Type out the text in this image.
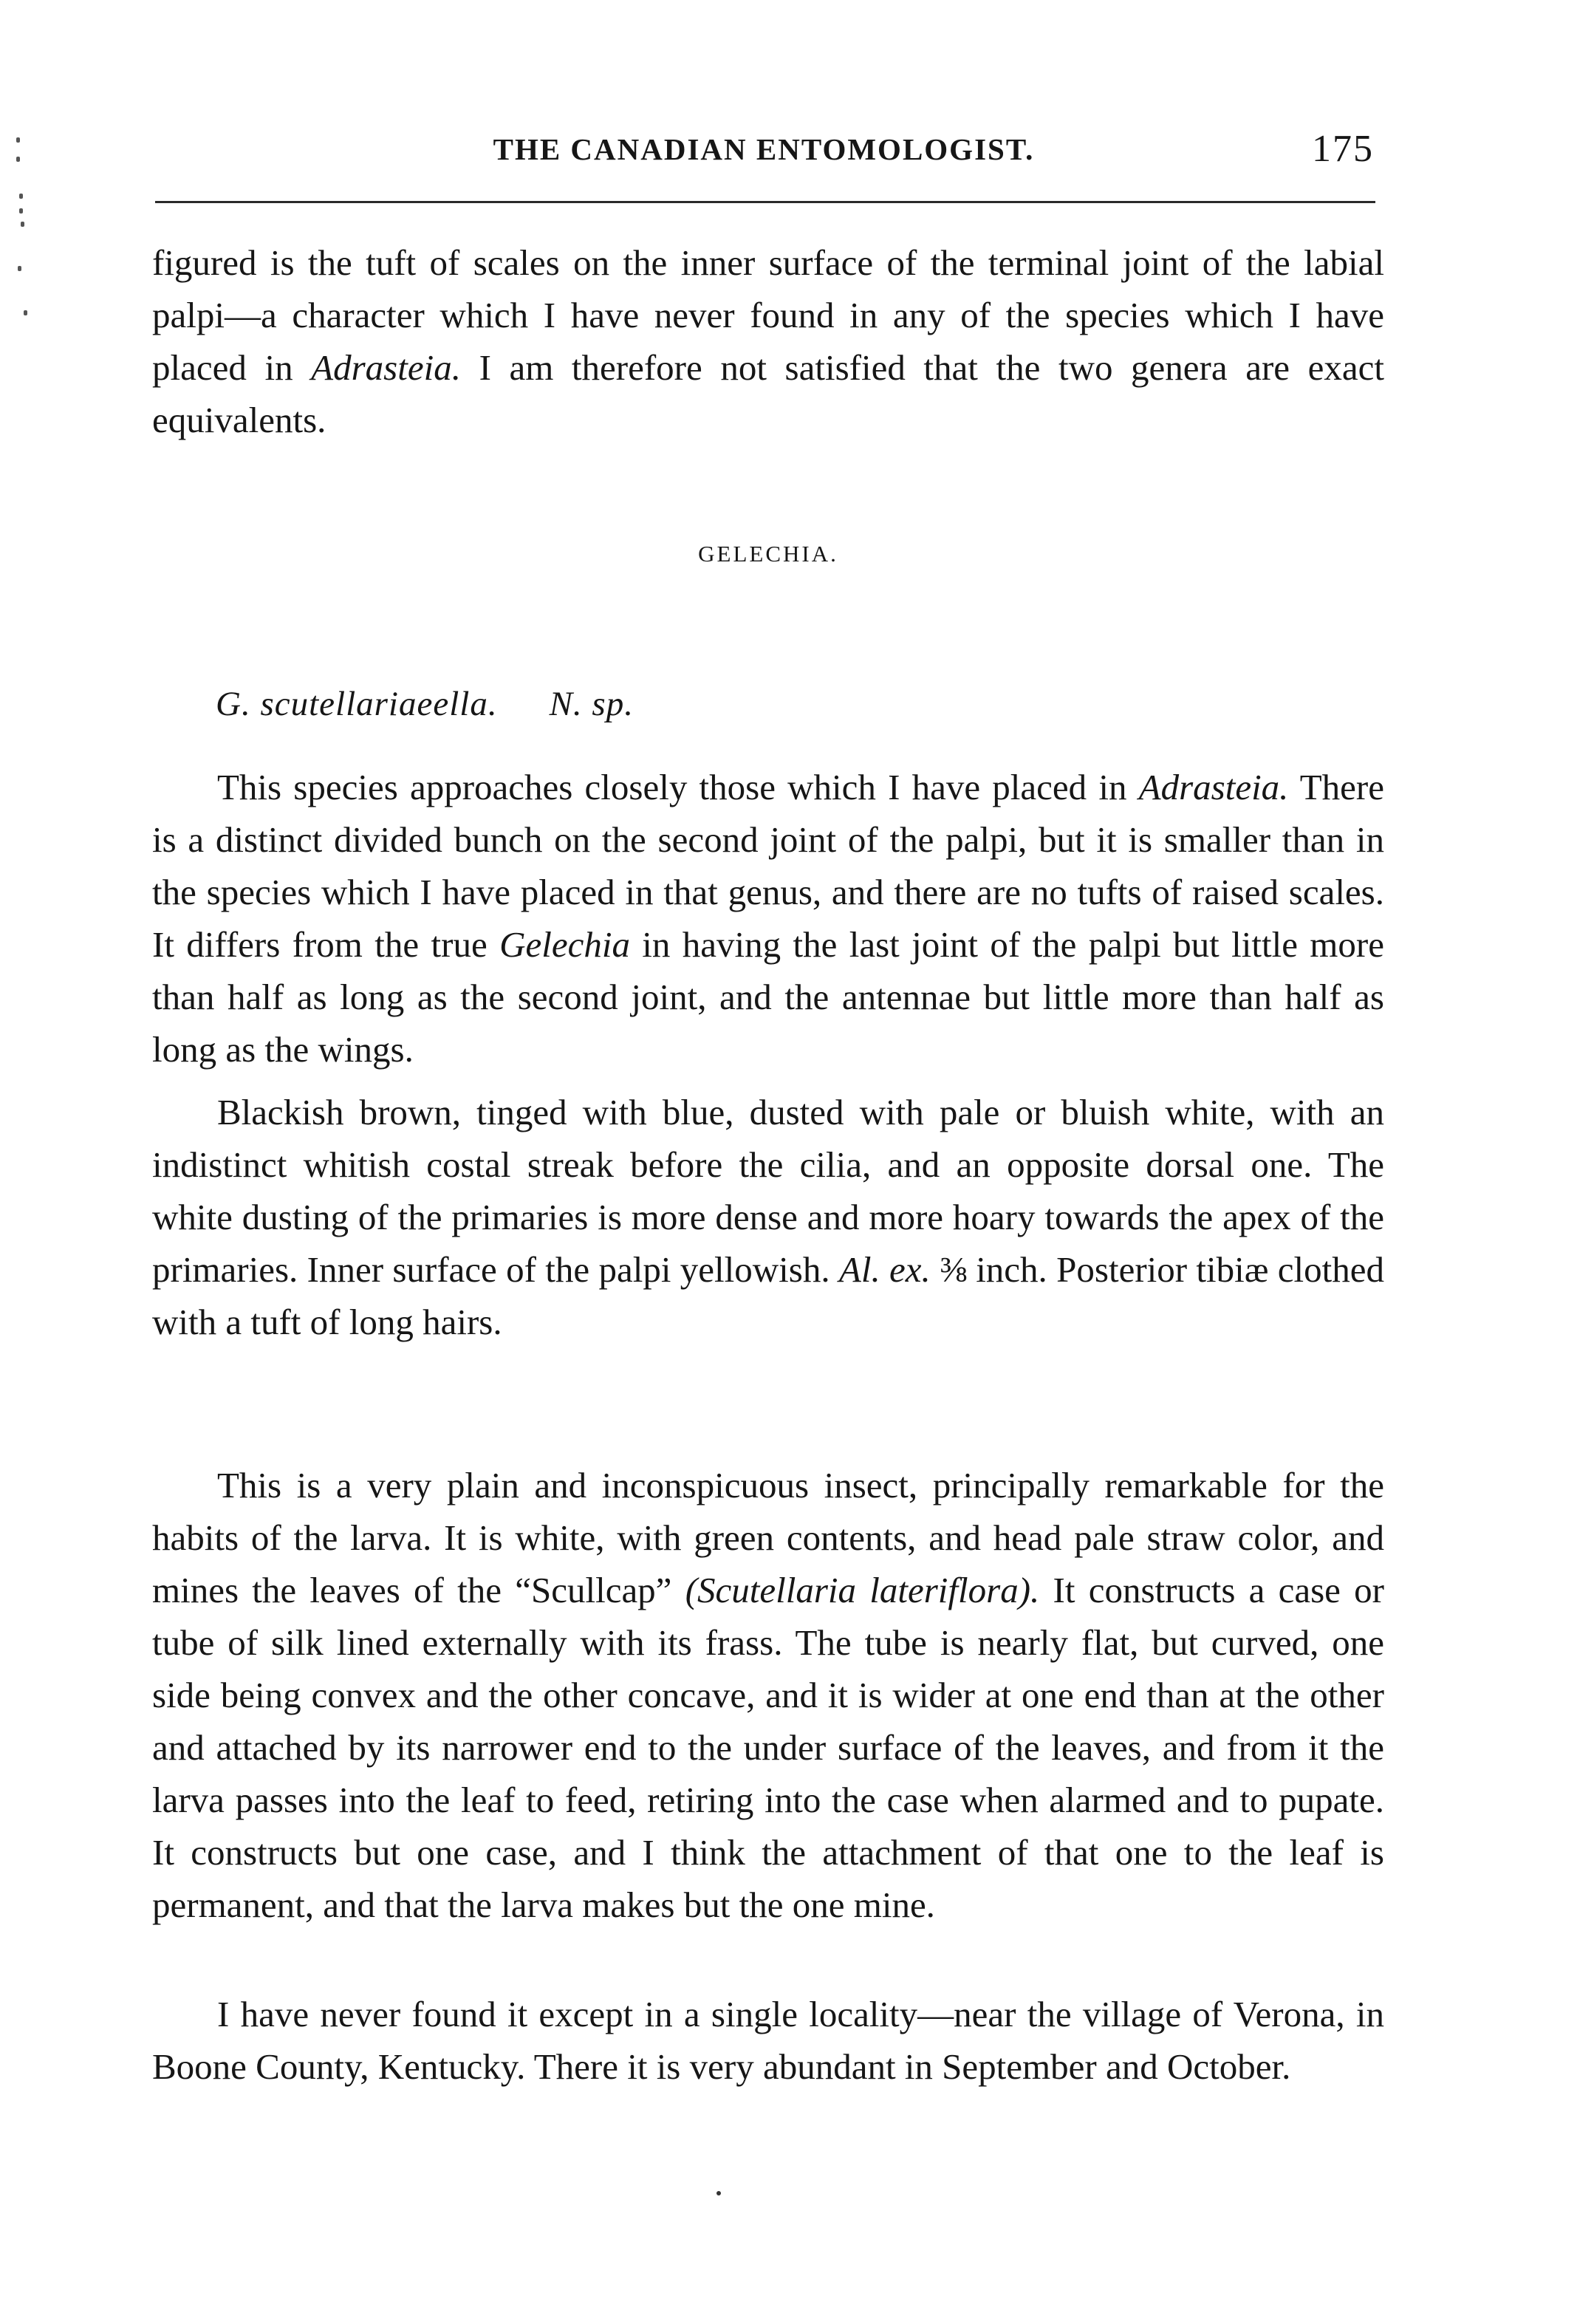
THE CANADIAN ENTOMOLOGIST.	175

figured is the tuft of scales on the inner surface of the terminal joint of the labial palpi—a character which I have never found in any of the species which I have placed in Adrasteia. I am therefore not satisfied that the two genera are exact equivalents.

GELECHIA.
G. scutellariaeella. N. sp.

This species approaches closely those which I have placed in Adrasteia. There is a distinct divided bunch on the second joint of the palpi, but it is smaller than in the species which I have placed in that genus, and there are no tufts of raised scales. It differs from the true Gelechia in having the last joint of the palpi but little more than half as long as the second joint, and the antennae but little more than half as long as the wings.

Blackish brown, tinged with blue, dusted with pale or bluish white, with an indistinct whitish costal streak before the cilia, and an opposite dorsal one. The white dusting of the primaries is more dense and more hoary towards the apex of the primaries. Inner surface of the palpi yellowish. Al. ex. ⅜ inch. Posterior tibiæ clothed with a tuft of long hairs.

This is a very plain and inconspicuous insect, principally remarkable for the habits of the larva. It is white, with green contents, and head pale straw color, and mines the leaves of the “Scullcap” (Scutellaria lateriflora). It constructs a case or tube of silk lined externally with its frass. The tube is nearly flat, but curved, one side being convex and the other concave, and it is wider at one end than at the other and attached by its narrower end to the under surface of the leaves, and from it the larva passes into the leaf to feed, retiring into the case when alarmed and to pupate. It constructs but one case, and I think the attachment of that one to the leaf is permanent, and that the larva makes but the one mine.

I have never found it except in a single locality—near the village of Verona, in Boone County, Kentucky. There it is very abundant in September and October.
